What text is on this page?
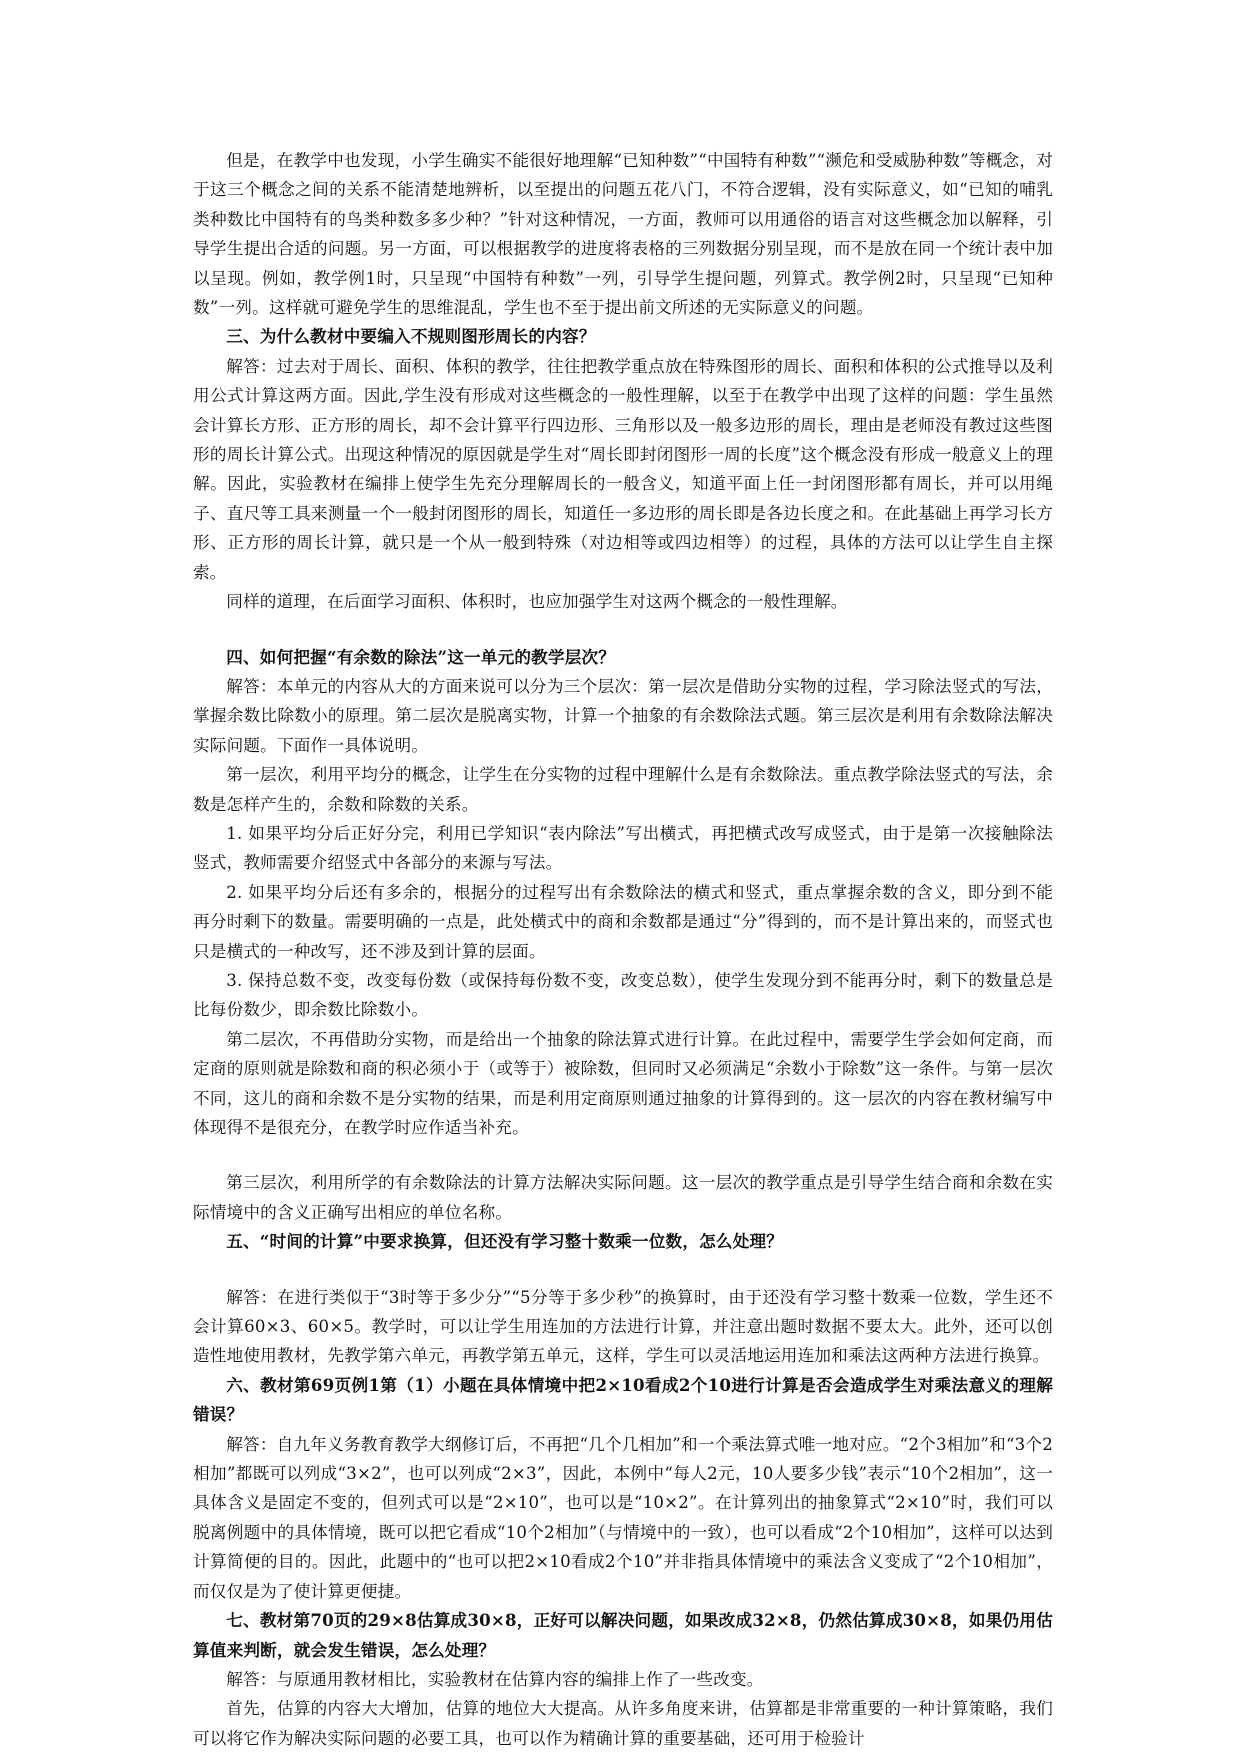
但是，在教学中也发现，小学生确实不能很好地理解“已知种数”“中国特有种数”“濒危和受威胁种数”等概念，对于这三个概念之间的关系不能清楚地辨析，以至提出的问题五花八门，不符合逻辑，没有实际意义，如“已知的哺乳类种数比中国特有的鸟类种数多多少种？”针对这种情况，一方面，教师可以用通俗的语言对这些概念加以解释，引导学生提出合适的问题。另一方面，可以根据教学的进度将表格的三列数据分别呈现，而不是放在同一个统计表中加以呈现。例如，教学例1时，只呈现“中国特有种数”一列，引导学生提问题，列算式。教学例2时，只呈现“已知种数”一列。这样就可避免学生的思维混乱，学生也不至于提出前文所述的无实际意义的问题。

三、为什么教材中要编入不规则图形周长的内容？

解答：过去对于周长、面积、体积的教学，往往把教学重点放在特殊图形的周长、面积和体积的公式推导以及利用公式计算这两方面。因此,学生没有形成对这些概念的一般性理解，以至于在教学中出现了这样的问题：学生虽然会计算长方形、正方形的周长，却不会计算平行四边形、三角形以及一般多边形的周长，理由是老师没有教过这些图形的周长计算公式。出现这种情况的原因就是学生对“周长即封闭图形一周的长度”这个概念没有形成一般意义上的理解。因此，实验教材在编排上使学生先充分理解周长的一般含义，知道平面上任一封闭图形都有周长，并可以用绳子、直尺等工具来测量一个一般封闭图形的周长，知道任一多边形的周长即是各边长度之和。在此基础上再学习长方形、正方形的周长计算，就只是一个从一般到特殊（对边相等或四边相等）的过程，具体的方法可以让学生自主探索。

同样的道理，在后面学习面积、体积时，也应加强学生对这两个概念的一般性理解。

四、如何把握“有余数的除法”这一单元的教学层次？

解答：本单元的内容从大的方面来说可以分为三个层次：第一层次是借助分实物的过程，学习除法竖式的写法，掌握余数比除数小的原理。第二层次是脱离实物，计算一个抽象的有余数除法式题。第三层次是利用有余数除法解决实际问题。下面作一具体说明。

第一层次，利用平均分的概念，让学生在分实物的过程中理解什么是有余数除法。重点教学除法竖式的写法，余数是怎样产生的，余数和除数的关系。

1. 如果平均分后正好分完，利用已学知识“表内除法”写出横式，再把横式改写成竖式，由于是第一次接触除法竖式，教师需要介绍竖式中各部分的来源与写法。

2. 如果平均分后还有多余的，根据分的过程写出有余数除法的横式和竖式，重点掌握余数的含义，即分到不能再分时剩下的数量。需要明确的一点是，此处横式中的商和余数都是通过“分”得到的，而不是计算出来的，而竖式也只是横式的一种改写，还不涉及到计算的层面。

3. 保持总数不变，改变每份数（或保持每份数不变，改变总数），使学生发现分到不能再分时，剩下的数量总是比每份数少，即余数比除数小。

第二层次，不再借助分实物，而是给出一个抽象的除法算式进行计算。在此过程中，需要学生学会如何定商，而定商的原则就是除数和商的积必须小于（或等于）被除数，但同时又必须满足“余数小于除数”这一条件。与第一层次不同，这儿的商和余数不是分实物的结果，而是利用定商原则通过抽象的计算得到的。这一层次的内容在教材编写中体现得不是很充分，在教学时应作适当补充。

第三层次，利用所学的有余数除法的计算方法解决实际问题。这一层次的教学重点是引导学生结合商和余数在实际情境中的含义正确写出相应的单位名称。

五、“时间的计算”中要求换算，但还没有学习整十数乘一位数，怎么处理？

解答：在进行类似于“3时等于多少分”“5分等于多少秒”的换算时，由于还没有学习整十数乘一位数，学生还不会计算60×3、60×5。教学时，可以让学生用连加的方法进行计算，并注意出题时数据不要太大。此外，还可以创造性地使用教材，先教学第六单元，再教学第五单元，这样，学生可以灵活地运用连加和乘法这两种方法进行换算。

六、教材第69页例1第（1）小题在具体情境中把2×10看成2个10进行计算是否会造成学生对乘法意义的理解错误？

解答：自九年义务教育教学大纲修订后，不再把“几个几相加”和一个乘法算式唯一地对应。“2个3相加”和“3个2相加”都既可以列成“3×2”，也可以列成“2×3”，因此，本例中“每人2元，10人要多少钱”表示“10个2相加”，这一具体含义是固定不变的，但列式可以是“2×10”，也可以是“10×2”。在计算列出的抽象算式“2×10”时，我们可以脱离例题中的具体情境，既可以把它看成“10个2相加”（与情境中的一致），也可以看成“2个10相加”，这样可以达到计算简便的目的。因此，此题中的“也可以把2×10看成2个10”并非指具体情境中的乘法含义变成了“2个10相加”，而仅仅是为了使计算更便捷。

七、教材第70页的29×8估算成30×8，正好可以解决问题，如果改成32×8，仍然估算成30×8，如果仍用估算值来判断，就会发生错误，怎么处理？

解答：与原通用教材相比，实验教材在估算内容的编排上作了一些改变。

首先，估算的内容大大增加，估算的地位大大提高。从许多角度来讲，估算都是非常重要的一种计算策略，我们可以将它作为解决实际问题的必要工具，也可以作为精确计算的重要基础，还可用于检验计
